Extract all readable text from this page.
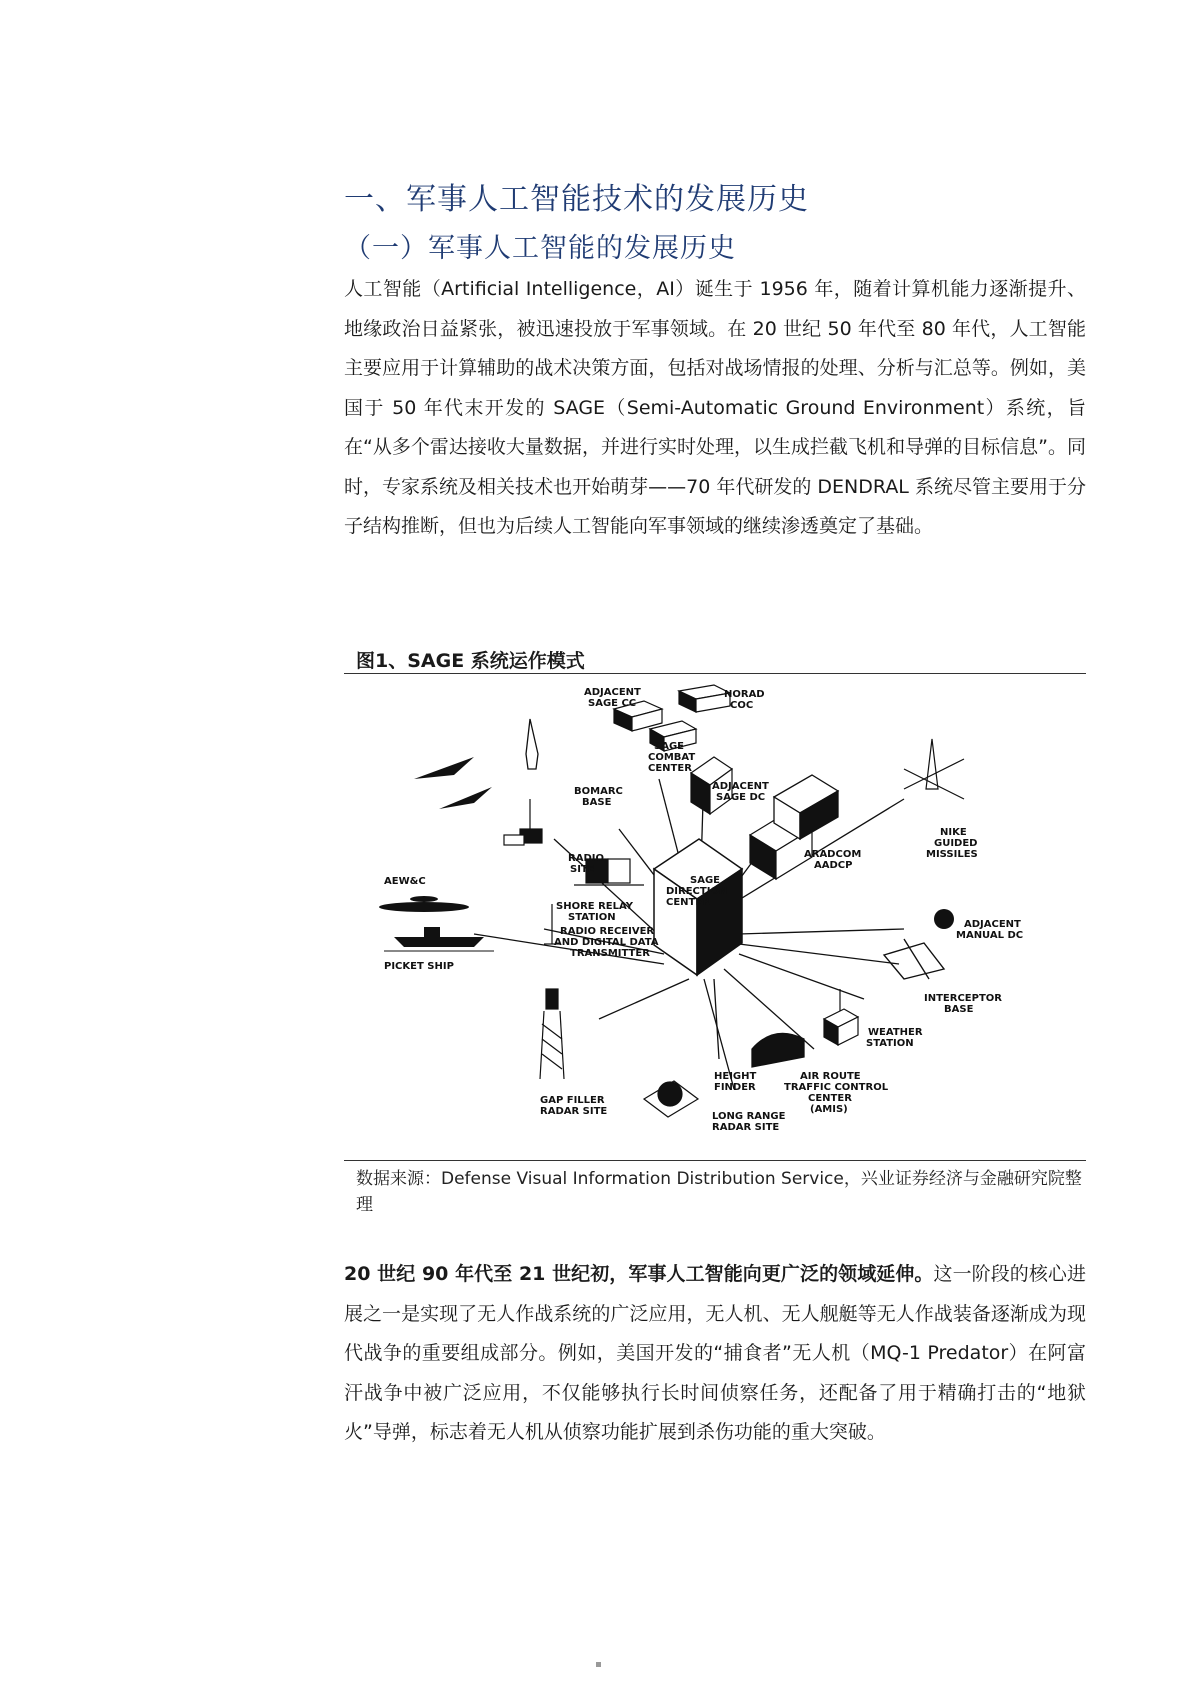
一、军事人工智能技术的发展历史
（一）军事人工智能的发展历史

人工智能（Artificial Intelligence，AI）诞生于 1956 年，随着计算机能力逐渐提升、地缘政治日益紧张，被迅速投放于军事领域。在 20 世纪 50 年代至 80 年代，人工智能主要应用于计算辅助的战术决策方面，包括对战场情报的处理、分析与汇总等。例如，美国于 50 年代末开发的 SAGE（Semi-Automatic Ground Environment）系统，旨在“从多个雷达接收大量数据，并进行实时处理，以生成拦截飞机和导弹的目标信息”。同时，专家系统及相关技术也开始萌芽——70 年代研发的 DENDRAL 系统尽管主要用于分子结构推断，但也为后续人工智能向军事领域的继续渗透奠定了基础。

图1、SAGE 系统运作模式
ADJACENT
SAGE CC
NORAD
COC
SAGE
COMBAT
CENTER
ADJACENT
SAGE DC
BOMARC
BASE
NIKE
GUIDED
MISSILES
ARADCOM
AADCP
RADIO
SITE
AEW&C	SAGE
DIRECTION
CENTER
SHORE RELAY
STATION
RADIO RECEIVER
AND DIGITAL DATA
TRANSMITTER
PICKET SHIP
ADJACENT
MANUAL DC
INTERCEPTOR
BASE
WEATHER
STATION
HEIGHT
FINDER
AIR ROUTE
TRAFFIC CONTROL
CENTER
(AMIS)
GAP FILLER
RADAR SITE	LONG RANGE
RADAR SITE
数据来源：Defense Visual Information Distribution Service，兴业证券经济与金融研究院整理

20 世纪 90 年代至 21 世纪初，军事人工智能向更广泛的领域延伸。这一阶段的核心进展之一是实现了无人作战系统的广泛应用，无人机、无人舰艇等无人作战装备逐渐成为现代战争的重要组成部分。例如，美国开发的“捕食者”无人机（MQ-1 Predator）在阿富汗战争中被广泛应用，不仅能够执行长时间侦察任务，还配备了用于精确打击的“地狱火”导弹，标志着无人机从侦察功能扩展到杀伤功能的重大突破。
